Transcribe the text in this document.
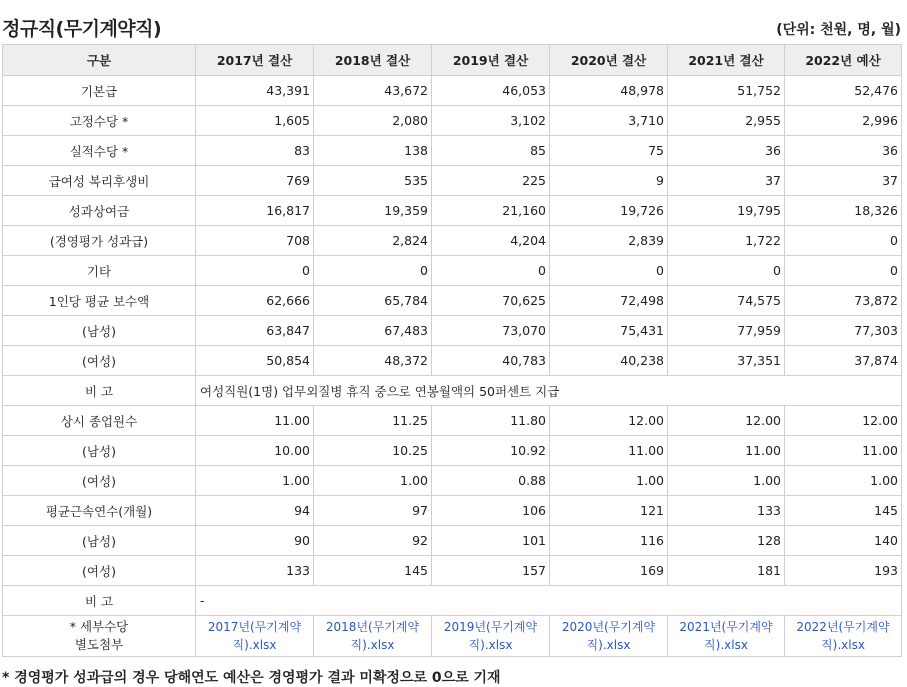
정규직(무기계약직)	(단위: 천원, 명, 월)
구분	2017년 결산	2018년 결산	2019년 결산	2020년 결산	2021년 결산	2022년 예산
기본급	43,391	43,672	46,053	48,978	51,752	52,476
고정수당 *	1,605	2,080	3,102	3,710	2,955	2,996
실적수당 *	83	138	85	75	36	36
급여성 복리후생비	769	535	225	9	37	37
성과상여금	16,817	19,359	21,160	19,726	19,795	18,326
(경영평가 성과급)	708	2,824	4,204	2,839	1,722	0
기타	0	0	0	0	0	0
1인당 평균 보수액	62,666	65,784	70,625	72,498	74,575	73,872
(남성)	63,847	67,483	73,070	75,431	77,959	77,303
(여성)	50,854	48,372	40,783	40,238	37,351	37,874
비 고	여성직원(1명) 업무외질병 휴직 중으로 연봉월액의 50퍼센트 지급					
상시 종업원수	11.00	11.25	11.80	12.00	12.00	12.00
(남성)	10.00	10.25	10.92	11.00	11.00	11.00
(여성)	1.00	1.00	0.88	1.00	1.00	1.00
평균근속연수(개월)	94	97	106	121	133	145
(남성)	90	92	101	116	128	140
(여성)	133	145	157	169	181	193
비 고	-					

* 세부수당
별도첨부	2017년(무기계약직).xlsx	2018년(무기계약직).xlsx	2019년(무기계약직).xlsx	2020년(무기계약직).xlsx	2021년(무기계약직).xlsx	2022년(무기계약직).xlsx
* 경영평가 성과급의 경우 당해연도 예산은 경영평가 결과 미확정으로 0으로 기재
